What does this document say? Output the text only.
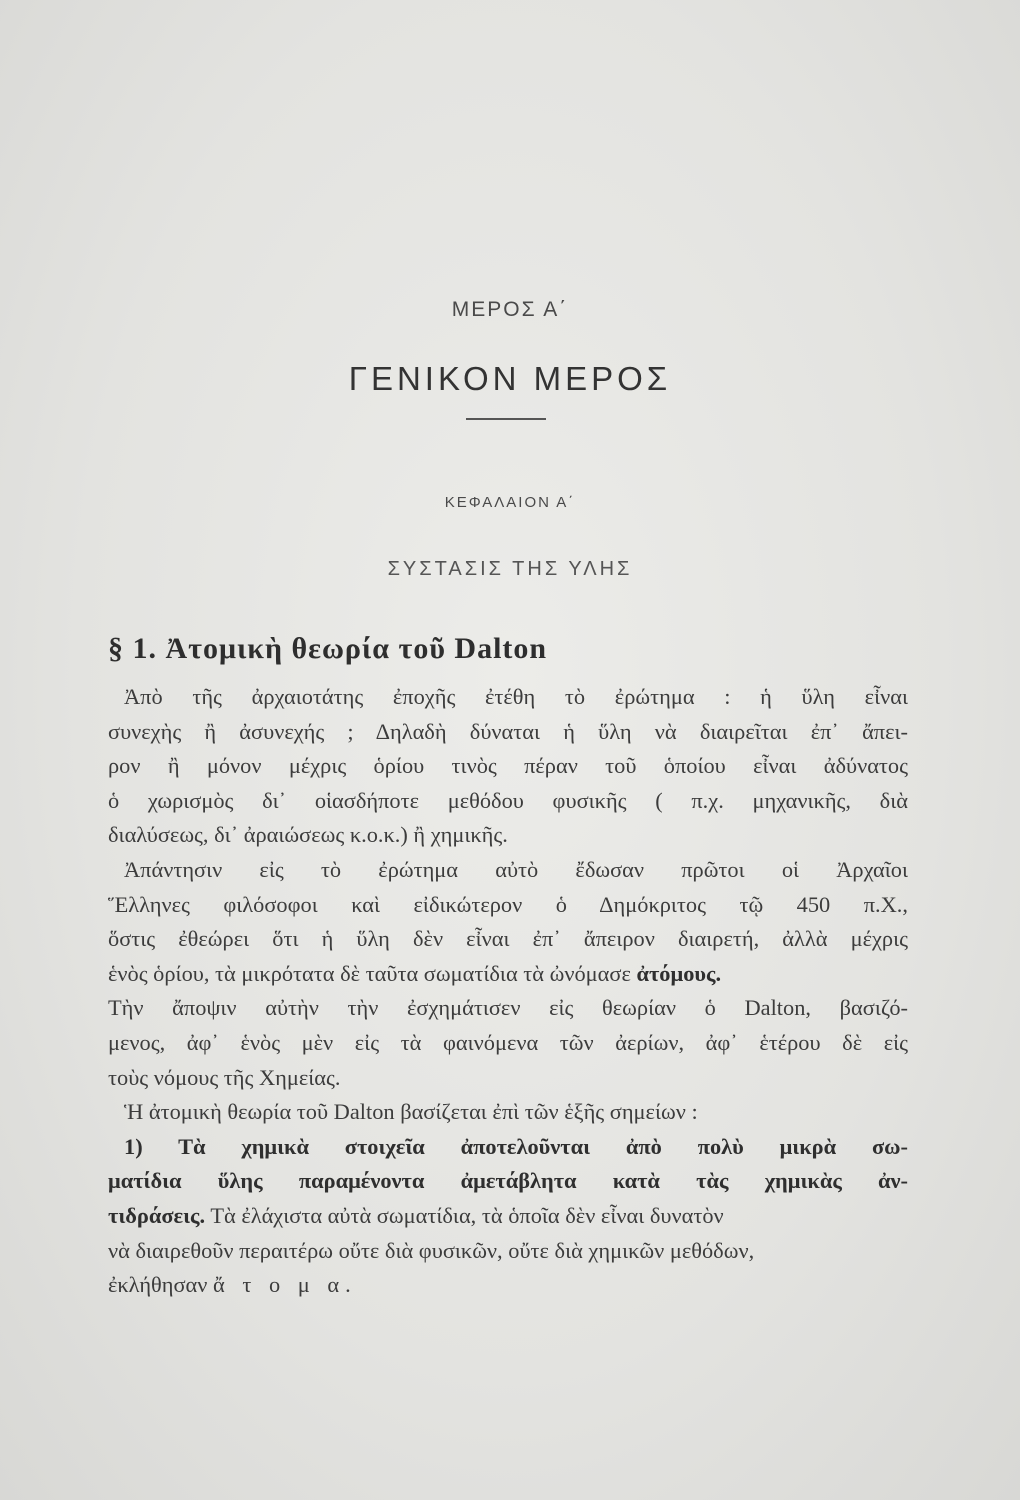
ΜΕΡΟΣ Α΄
ΓΕΝΙΚΟΝ ΜΕΡΟΣ
ΚΕΦΑΛΑΙΟΝ Α΄
ΣΥΣΤΑΣΙΣ ΤΗΣ ΥΛΗΣ
§ 1. Ἀτομικὴ θεωρία τοῦ Dalton
Ἀπὸ τῆς ἀρχαιοτάτης ἐποχῆς ἐτέθη τὸ ἐρώτημα : ἡ ὕλη εἶναι
συνεχὴς ἢ ἀσυνεχής ; Δηλαδὴ δύναται ἡ ὕλη νὰ διαιρεῖται ἐπ᾽ ἄπει-
ρον ἢ μόνον μέχρις ὁρίου τινὸς πέραν τοῦ ὁποίου εἶναι ἀδύνατος
ὁ χωρισμὸς δι᾽ οἱασδήποτε μεθόδου φυσικῆς ( π.χ. μηχανικῆς, διὰ
διαλύσεως, δι᾽ ἀραιώσεως κ.ο.κ.) ἢ χημικῆς.
Ἀπάντησιν εἰς τὸ ἐρώτημα αὐτὸ ἔδωσαν πρῶτοι οἱ Ἀρχαῖοι
Ἕλληνες φιλόσοφοι καὶ εἰδικώτερον ὁ Δημόκριτος τῷ 450 π.Χ.,
ὅστις ἐθεώρει ὅτι ἡ ὕλη δὲν εἶναι ἐπ᾽ ἄπειρον διαιρετή, ἀλλὰ μέχρις
ἑνὸς ὁρίου, τὰ μικρότατα δὲ ταῦτα σωματίδια τὰ ὠνόμασε ἀτόμους.
Τὴν ἄποψιν αὐτὴν τὴν ἐσχημάτισεν εἰς θεωρίαν ὁ Dalton, βασιζό-
μενος, ἀφ᾽ ἑνὸς μὲν εἰς τὰ φαινόμενα τῶν ἀερίων, ἀφ᾽ ἑτέρου δὲ εἰς
τοὺς νόμους τῆς Χημείας.
Ἡ ἀτομικὴ θεωρία τοῦ Dalton βασίζεται ἐπὶ τῶν ἑξῆς σημείων :
1) Τὰ χημικὰ στοιχεῖα ἀποτελοῦνται ἀπὸ πολὺ μικρὰ σω-
ματίδια ὕλης παραμένοντα ἀμετάβλητα κατὰ τὰς χημικὰς ἀν-
τιδράσεις. Τὰ ἐλάχιστα αὐτὰ σωματίδια, τὰ ὁποῖα δὲν εἶναι δυνατὸν
νὰ διαιρεθοῦν περαιτέρω οὔτε διὰ φυσικῶν, οὔτε διὰ χημικῶν μεθόδων,
ἐκλήθησαν ἄ τ ο μ α.
